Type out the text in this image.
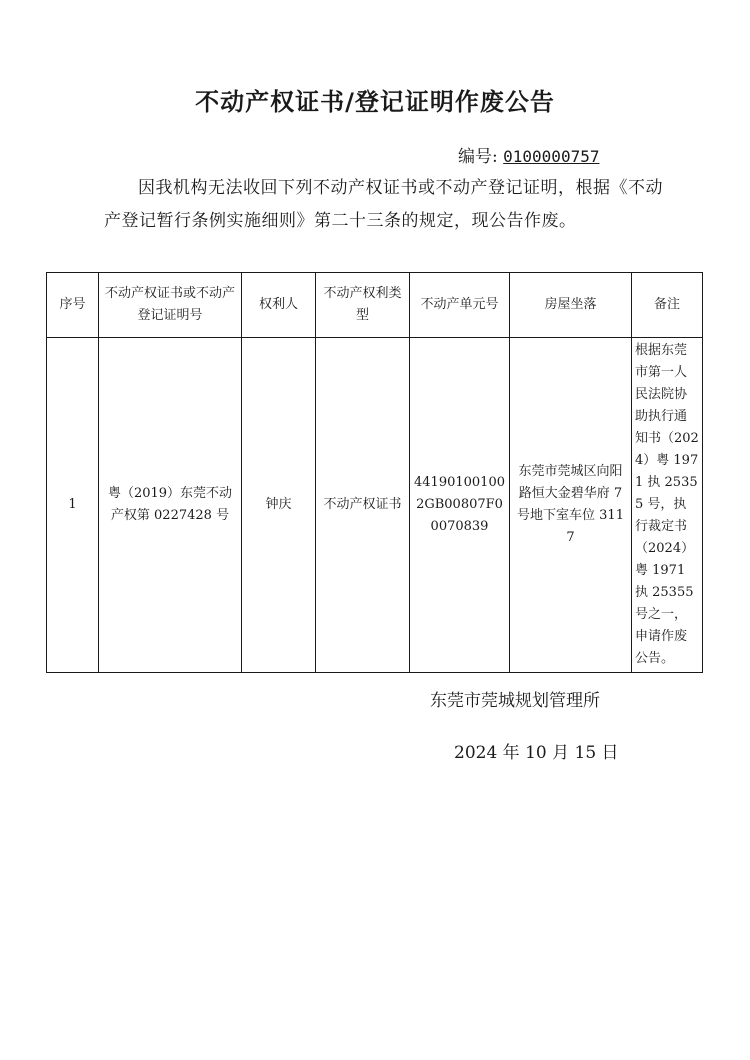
不动产权证书/登记证明作废公告
编号: 0100000757
因我机构无法收回下列不动产权证书或不动产登记证明，根据《不动产登记暂行条例实施细则》第二十三条的规定，现公告作废。
序号	不动产权证书或不动产登记证明号	权利人	不动产权利类型	不动产单元号	房屋坐落	备注
1	粤（2019）东莞不动产权第 0227428 号	钟庆	不动产权证书	441901001002GB00807F00070839	东莞市莞城区向阳路恒大金碧华府 7 号地下室车位 3117	根据东莞市第一人民法院协助执行通知书（2024）粤 1971 执 25355 号，执行裁定书（2024）粤 1971 执 25355 号之一，申请作废公告。
东莞市莞城规划管理所
2024 年 10 月 15 日
